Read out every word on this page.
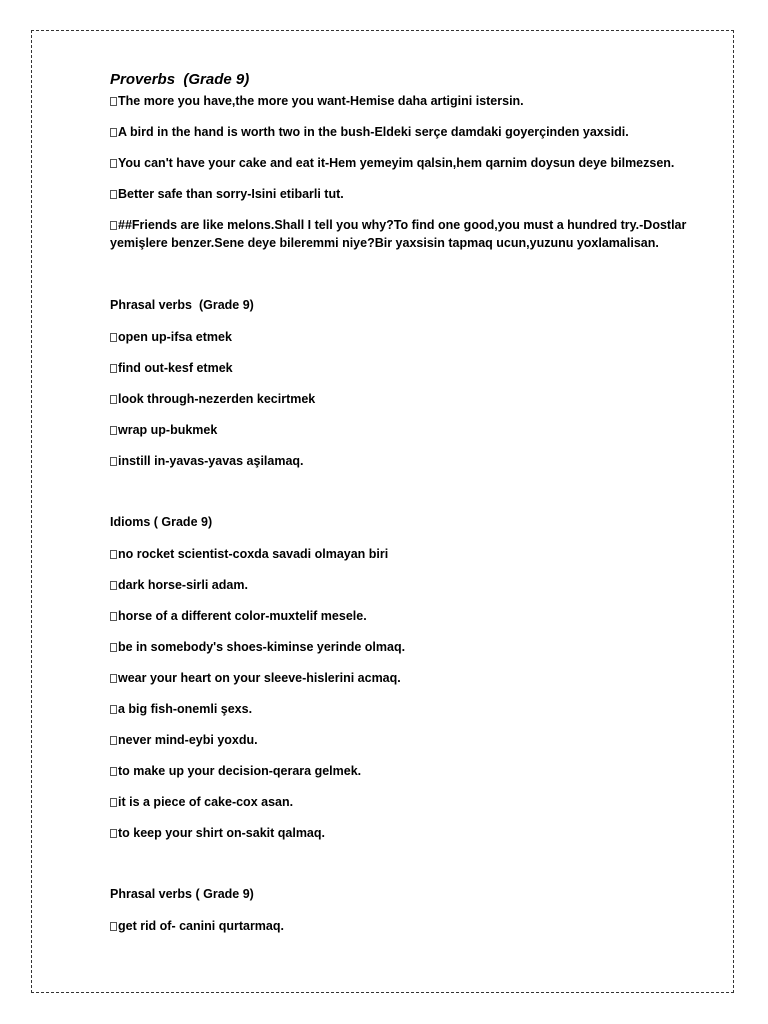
Proverbs  (Grade 9)

The more you have,the more you want-Hemise daha artigini istersin.

A bird in the hand is worth two in the bush-Eldeki serçe damdaki goyerçinden yaxsidi.

You can't have your cake and eat it-Hem yemeyim qalsin,hem qarnim doysun deye bilmezsen.

Better safe than sorry-Isini etibarli tut.

##Friends are like melons.Shall I tell you why?To find one good,you must a hundred try.-Dostlar yemişlere benzer.Sene deye bileremmi niye?Bir yaxsisin tapmaq ucun,yuzunu yoxlamalisan.

Phrasal verbs  (Grade 9)

open up-ifsa etmek

find out-kesf etmek

look through-nezerden kecirtmek

wrap up-bukmek

instill in-yavas-yavas aşilamaq.

Idioms ( Grade 9)

no rocket scientist-coxda savadi olmayan biri

dark horse-sirli adam.

horse of a different color-muxtelif mesele.

be in somebody's shoes-kiminse yerinde olmaq.

wear your heart on your sleeve-hislerini acmaq.

a big fish-onemli şexs.

never mind-eybi yoxdu.

to make up your decision-qerara gelmek.

it is a piece of cake-cox asan.

to keep your shirt on-sakit qalmaq.

Phrasal verbs ( Grade 9)

get rid of- canini qurtarmaq.
